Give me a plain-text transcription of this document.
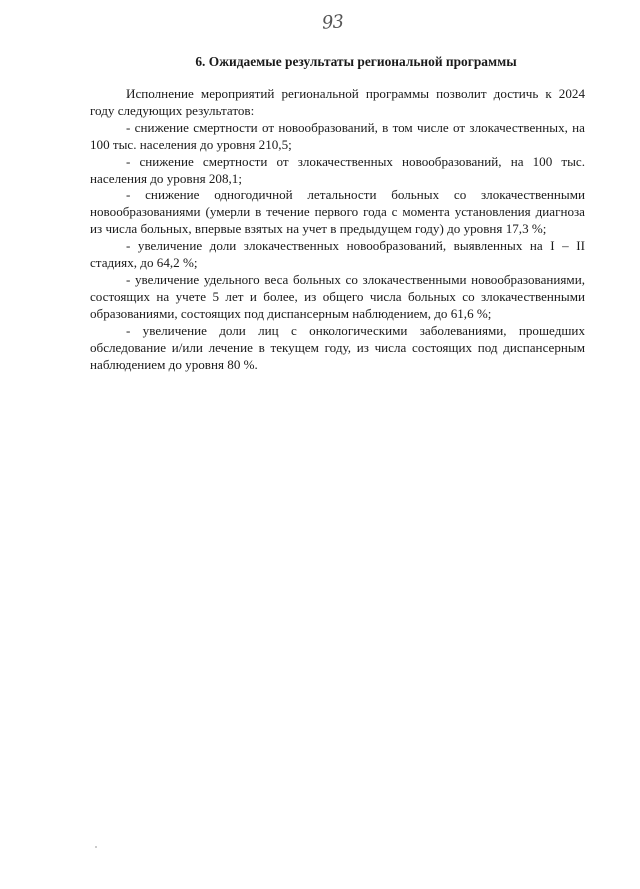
93
6. Ожидаемые результаты региональной программы

Исполнение мероприятий региональной программы позволит достичь к 2024 году следующих результатов:

- снижение смертности от новообразований, в том числе от злокачественных, на 100 тыс. населения до уровня 210,5;

- снижение смертности от злокачественных новообразований, на 100 тыс. населения до уровня 208,1;

- снижение одногодичной летальности больных со злокачественными новообразованиями (умерли в течение первого года с момента установления диагноза из числа больных, впервые взятых на учет в предыдущем году) до уровня 17,3 %;

- увеличение доли злокачественных новообразований, выявленных на I – II стадиях, до 64,2 %;

- увеличение удельного веса больных со злокачественными новообразованиями, состоящих на учете 5 лет и более, из общего числа больных со злокачественными образованиями, состоящих под диспансерным наблюдением, до 61,6 %;

- увеличение доли лиц с онкологическими заболеваниями, прошедших обследование и/или лечение в текущем году, из числа состоящих под диспансерным наблюдением до уровня 80 %.
